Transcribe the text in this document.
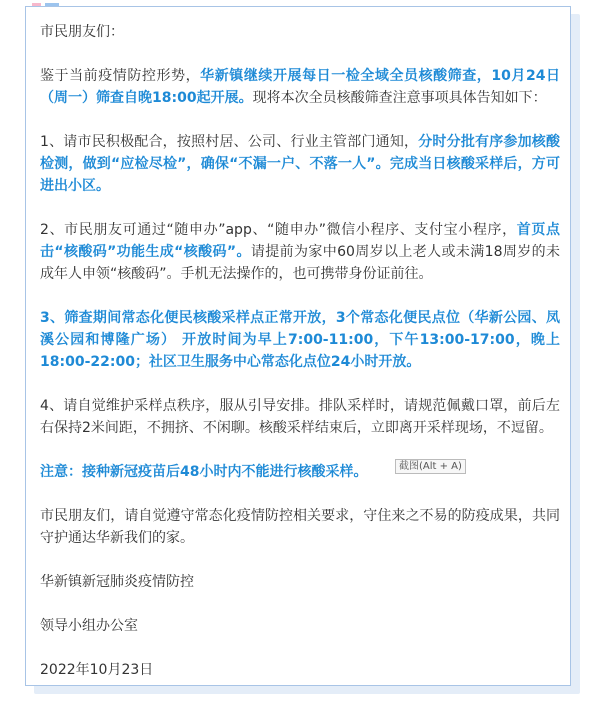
市民朋友们：

鉴于当前疫情防控形势，华新镇继续开展每日一检全域全员核酸筛查，10月24日（周一）筛查自晚18:00起开展。现将本次全员核酸筛查注意事项具体告知如下：

1、请市民积极配合，按照村居、公司、行业主管部门通知，分时分批有序参加核酸检测，做到“应检尽检”，确保“不漏一户、不落一人”。完成当日核酸采样后，方可进出小区。

2、市民朋友可通过“随申办”app、“随申办”微信小程序、支付宝小程序，首页点击“核酸码”功能生成“核酸码”。请提前为家中60周岁以上老人或未满18周岁的未成年人申领“核酸码”。手机无法操作的，也可携带身份证前往。

3、筛查期间常态化便民核酸采样点正常开放，3个常态化便民点位（华新公园、凤溪公园和博隆广场） 开放时间为早上7:00-11:00，下午13:00-17:00，晚上18:00-22:00；社区卫生服务中心常态化点位24小时开放。

4、请自觉维护采样点秩序，服从引导安排。排队采样时，请规范佩戴口罩，前后左右保持2米间距，不拥挤、不闲聊。核酸采样结束后，立即离开采样现场，不逗留。

注意：接种新冠疫苗后48小时内不能进行核酸采样。

市民朋友们，请自觉遵守常态化疫情防控相关要求，守住来之不易的防疫成果，共同守护通达华新我们的家。

华新镇新冠肺炎疫情防控

领导小组办公室

2022年10月23日

截图(Alt + A)
